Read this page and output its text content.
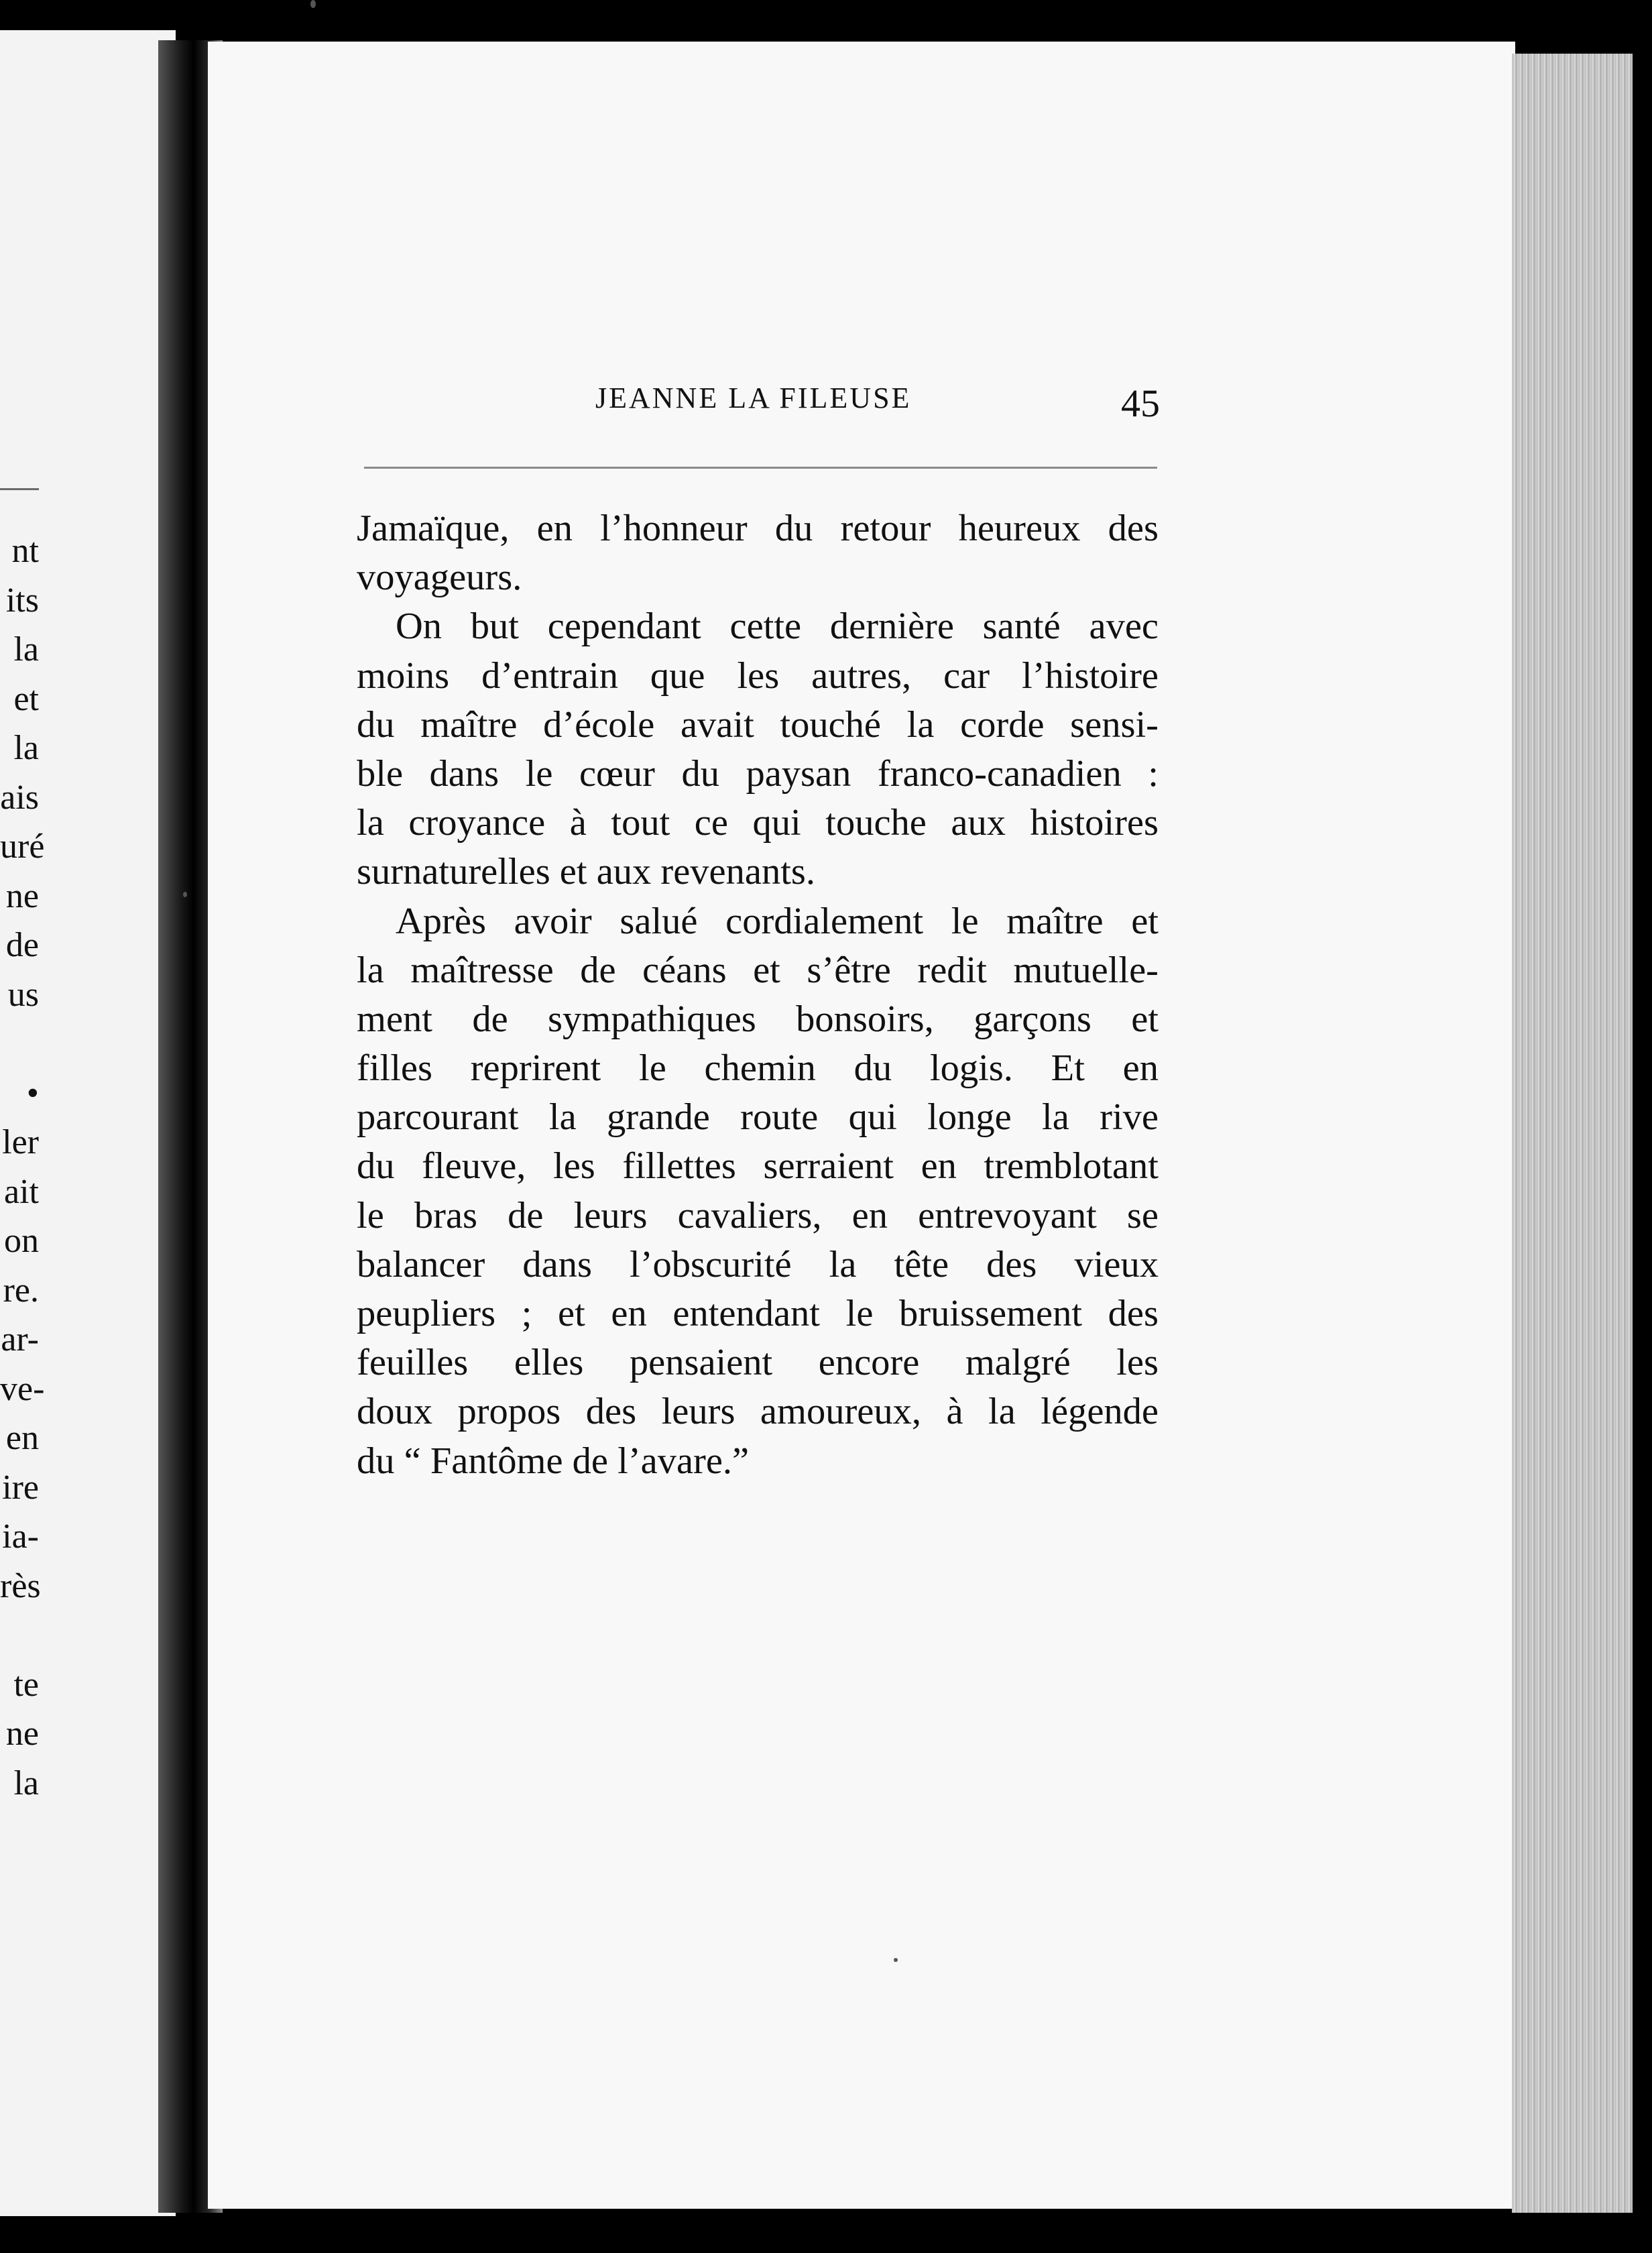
nt
its
la
et
la
ais
uré
ne
de
us
•
ler
ait
on
re.
ar-
ve-
en
ire
ia-
rès
te
ne
la
JEANNE LA FILEUSE	45
Jamaïque, en l’honneur du retour heureux des
voyageurs.
On but cependant cette dernière santé avec
moins d’entrain que les autres, car l’histoire
du maître d’école avait touché la corde sensi-
ble dans le cœur du paysan franco-canadien :
la croyance à tout ce qui touche aux histoires
surnaturelles et aux revenants.
Après avoir salué cordialement le maître et
la maîtresse de céans et s’être redit mutuelle-
ment de sympathiques bonsoirs, garçons et
filles reprirent le chemin du logis. Et en
parcourant la grande route qui longe la rive
du fleuve, les fillettes serraient en tremblotant
le bras de leurs cavaliers, en entrevoyant se
balancer dans l’obscurité la tête des vieux
peupliers ; et en entendant le bruissement des
feuilles elles pensaient encore malgré les
doux propos des leurs amoureux, à la légende
du “ Fantôme de l’avare.”
